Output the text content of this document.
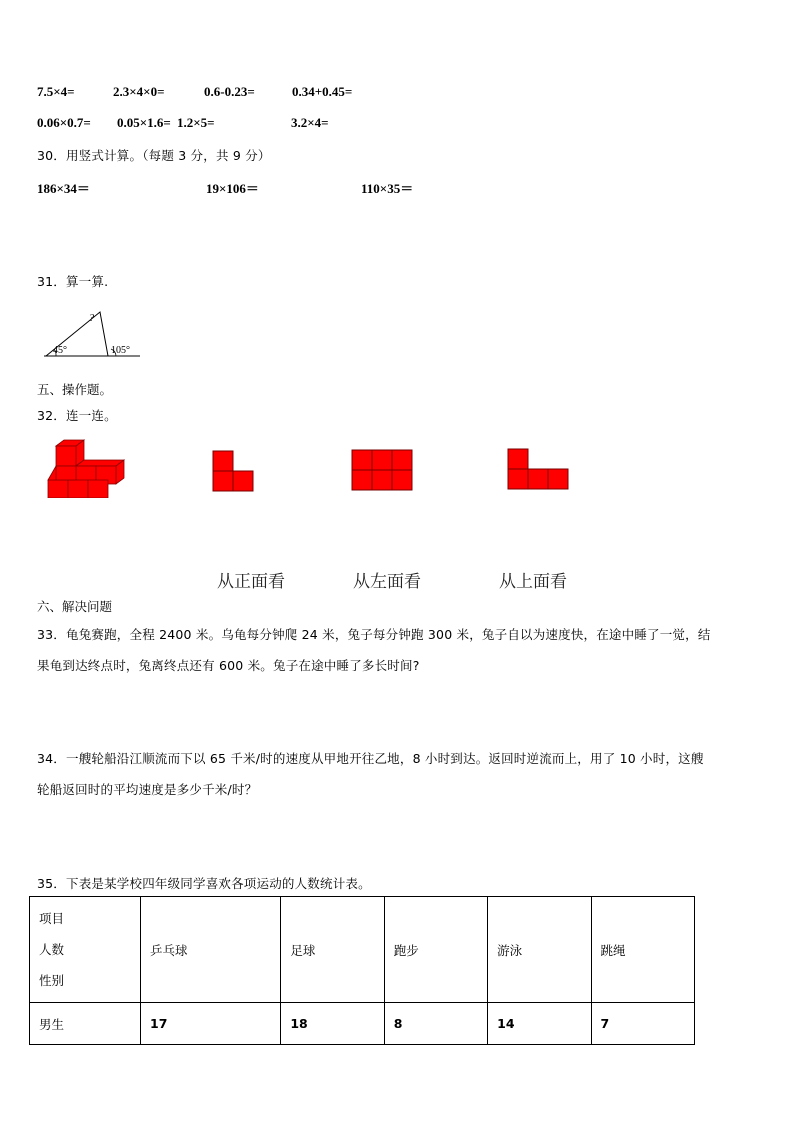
7.5×4=	2.3×4×0=	0.6-0.23=	0.34+0.45=
0.06×0.7= 0.05×1.6= 1.2×5=	3.2×4=
30．用竖式计算。（每题 3 分，共 9 分）
186×34＝	19×106＝	110×35＝
31．算一算.
?
45°	105°
五、操作题。
32．连一连。
从正面看	从左面看	从上面看
六、解决问题
33．龟兔赛跑，全程 2400 米。乌龟每分钟爬 24 米，兔子每分钟跑 300 米，兔子自以为速度快，在途中睡了一觉，结
果龟到达终点时，兔离终点还有 600 米。兔子在途中睡了多长时间?
34．一艘轮船沿江顺流而下以 65 千米/时的速度从甲地开往乙地，8 小时到达。返回时逆流而上，用了 10 小时，这艘
轮船返回时的平均速度是多少千米/时？
35．下表是某学校四年级同学喜欢各项运动的人数统计表。
项目
人数
性别	乒乓球	足球	跑步	游泳	跳绳
男生	17	18	8	14	7
